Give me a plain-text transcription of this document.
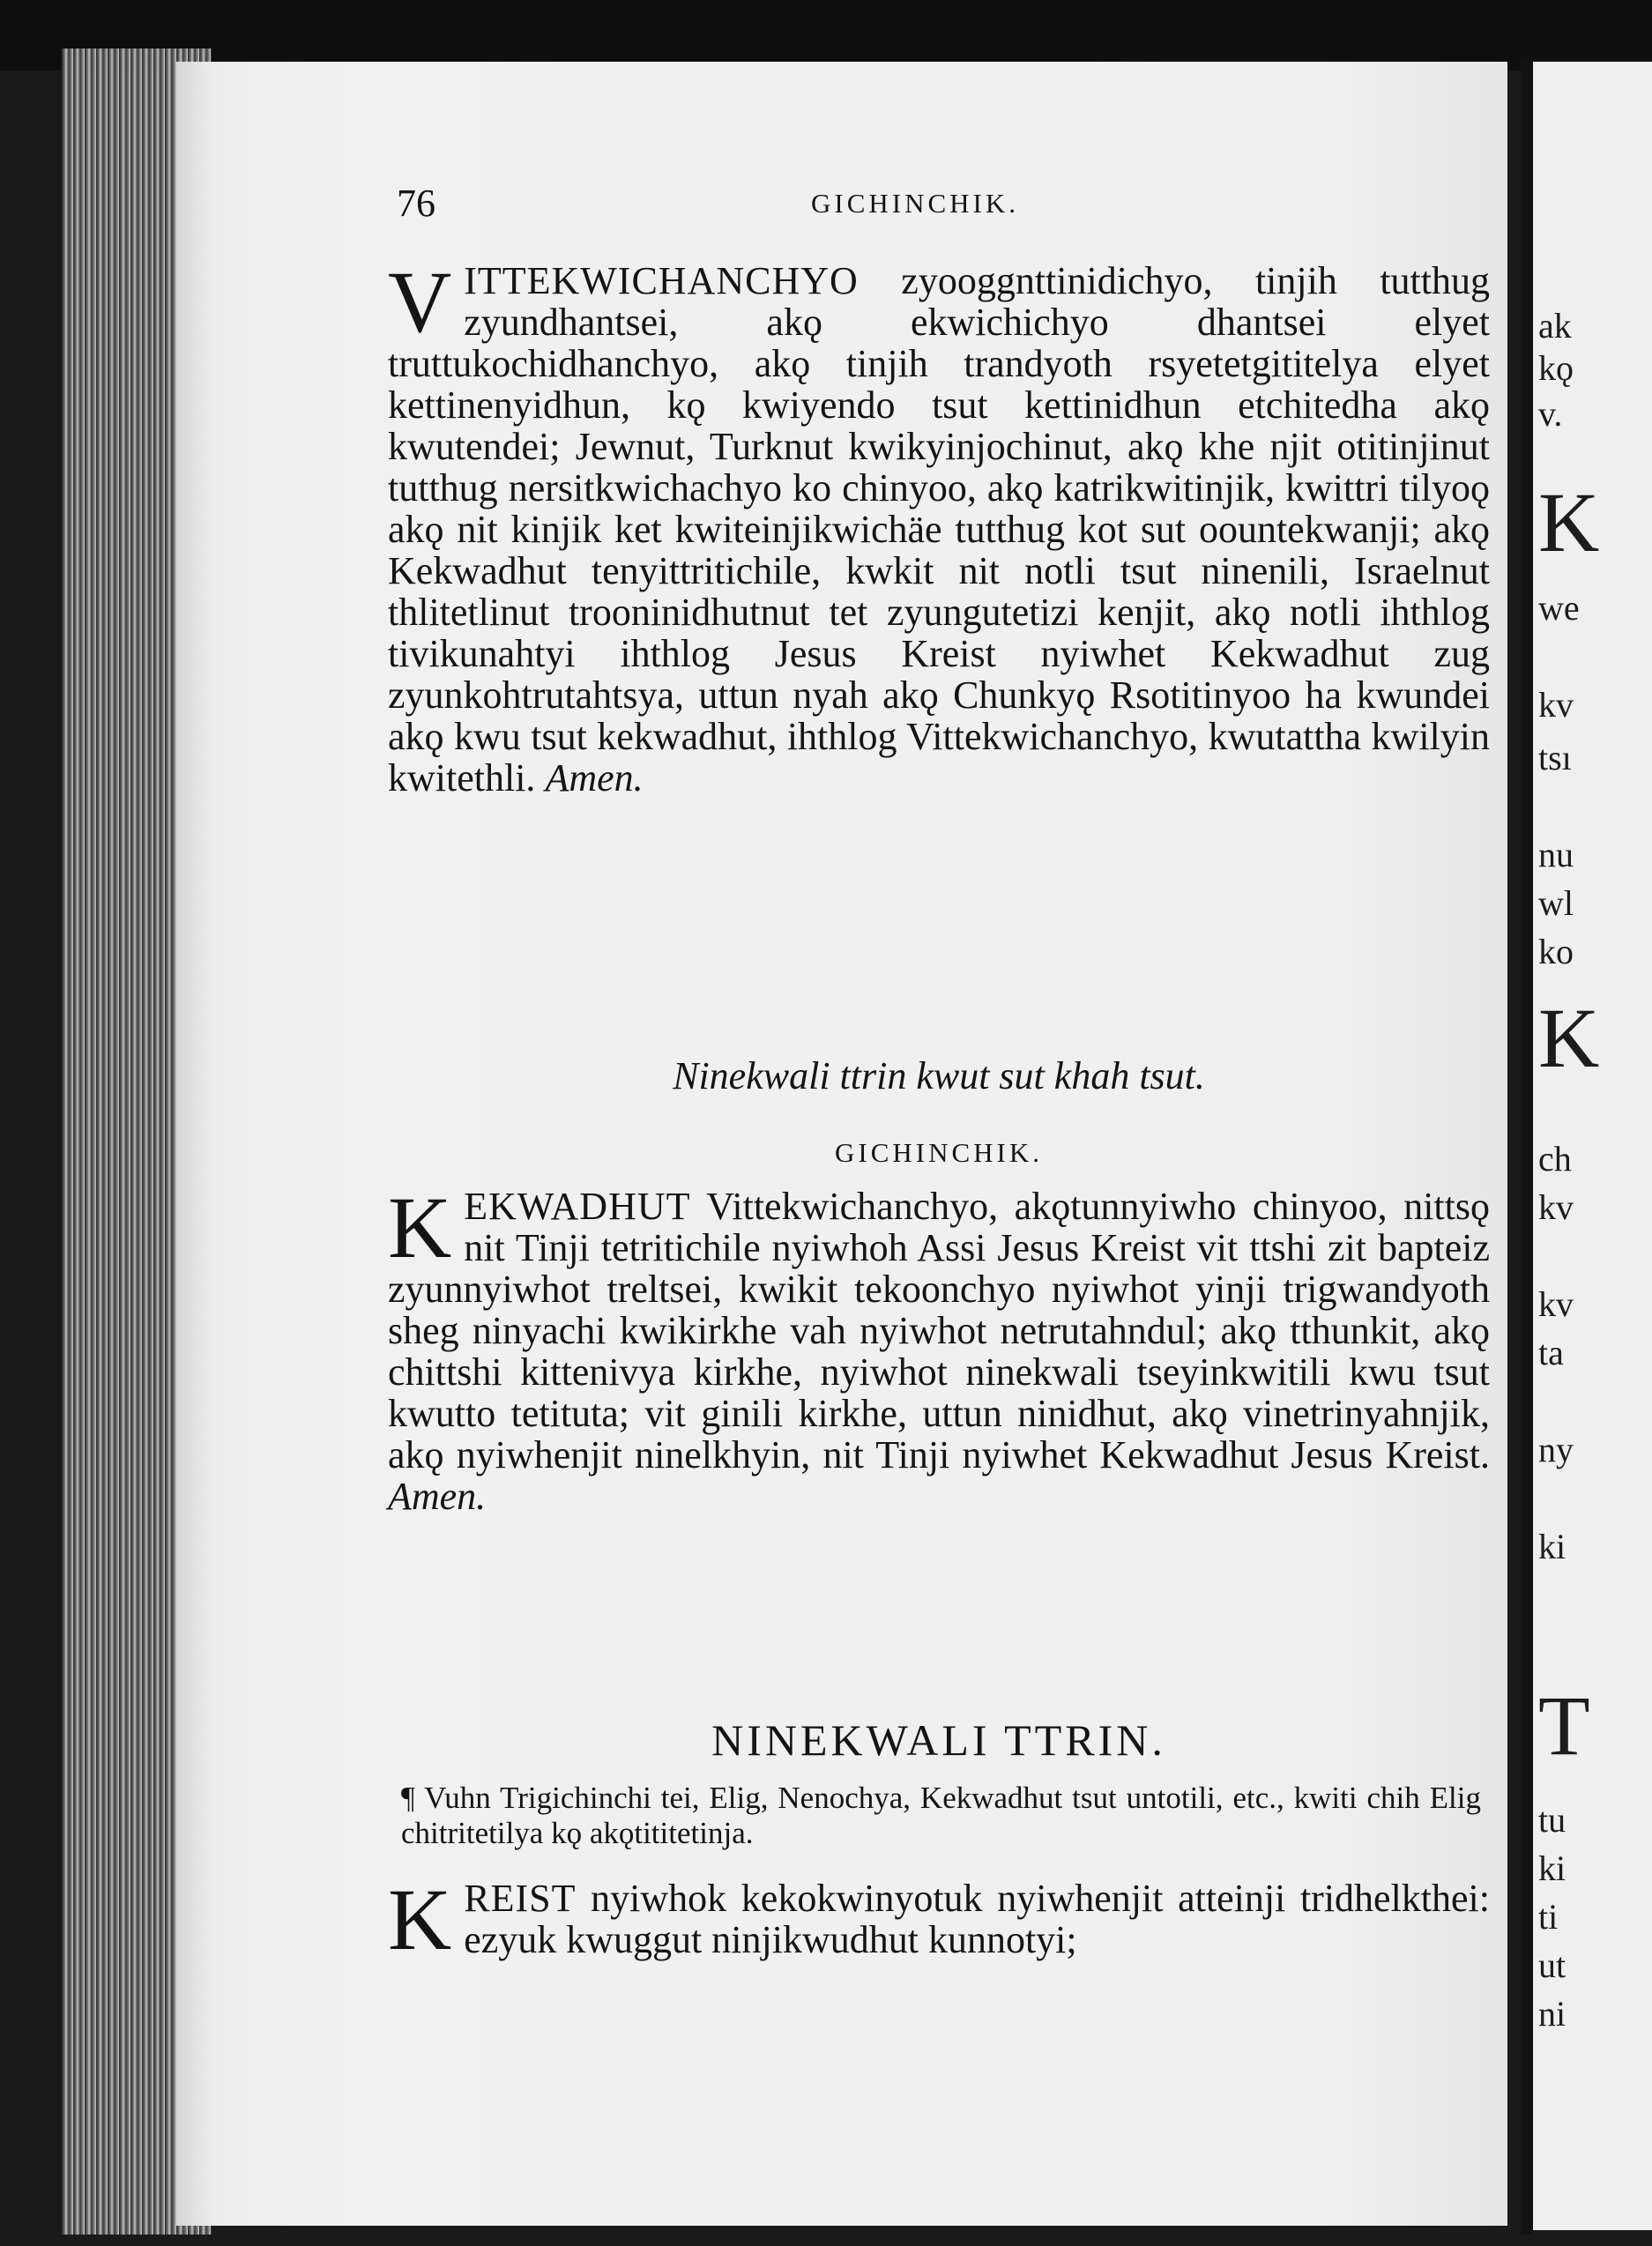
ak
kǫ
v.
K
we
kv
tsı
nu
wl
ko
K
ch
kv
kv
ta
ny
ki
T
tu
ki
ti
ut
ni
76	GICHINCHIK.
VITTEKWICHANCHYO zyooggnttinidichyo, tinjih tutthug zyundhantsei, akǫ ekwichichyo dhantsei elyet truttukochidhanchyo, akǫ tinjih trandyoth rsyetetgititelya elyet kettinenyidhun, kǫ kwiyendo tsut kettinidhun etchitedha akǫ kwutendei; Jewnut, Turknut kwikyinjochinut, akǫ khe njit otitinjinut tutthug nersitkwichachyo ko chinyoo, akǫ katrikwitinjik, kwittri tilyoǫ akǫ nit kinjik ket kwiteinjikwichäe tutthug kot sut oountekwanji; akǫ Kekwadhut tenyittritichile, kwkit nit notli tsut ninenili, Israelnut thlitetlinut trooninidhutnut tet zyungutetizi kenjit, akǫ notli ihthlog tivikunahtyi ihthlog Jesus Kreist nyiwhet Kekwadhut zug zyunkohtrutahtsya, uttun nyah akǫ Chunkyǫ Rsotitinyoo ha kwundei akǫ kwu tsut kekwadhut, ihthlog Vittekwichanchyo, kwutattha kwilyin kwitethli. Amen.
Ninekwali ttrin kwut sut khah tsut.
GICHINCHIK.
KEKWADHUT Vittekwichanchyo, akǫtunnyiwho chinyoo, nittsǫ nit Tinji tetritichile nyiwhoh Assi Jesus Kreist vit ttshi zit bapteiz zyunnyiwhot treltsei, kwikit tekoonchyo nyiwhot yinji trigwandyoth sheg ninyachi kwikirkhe vah nyiwhot netrutahndul; akǫ tthunkit, akǫ chittshi kittenivya kirkhe, nyiwhot ninekwali tseyinkwitili kwu tsut kwutto tetituta; vit ginili kirkhe, uttun ninidhut, akǫ vinetrinyahnjik, akǫ nyiwhenjit ninelkhyin, nit Tinji nyiwhet Kekwadhut Jesus Kreist. Amen.
NINEKWALI TTRIN.
¶ Vuhn Trigichinchi tei, Elig, Nenochya, Kekwadhut tsut untotili, etc., kwiti chih Elig chitritetilya kǫ akǫtititetinja.
KREIST nyiwhok kekokwinyotuk nyiwhenjit atteinji tridhelkthei: ezyuk kwuggut ninjikwudhut kunnotyi;
